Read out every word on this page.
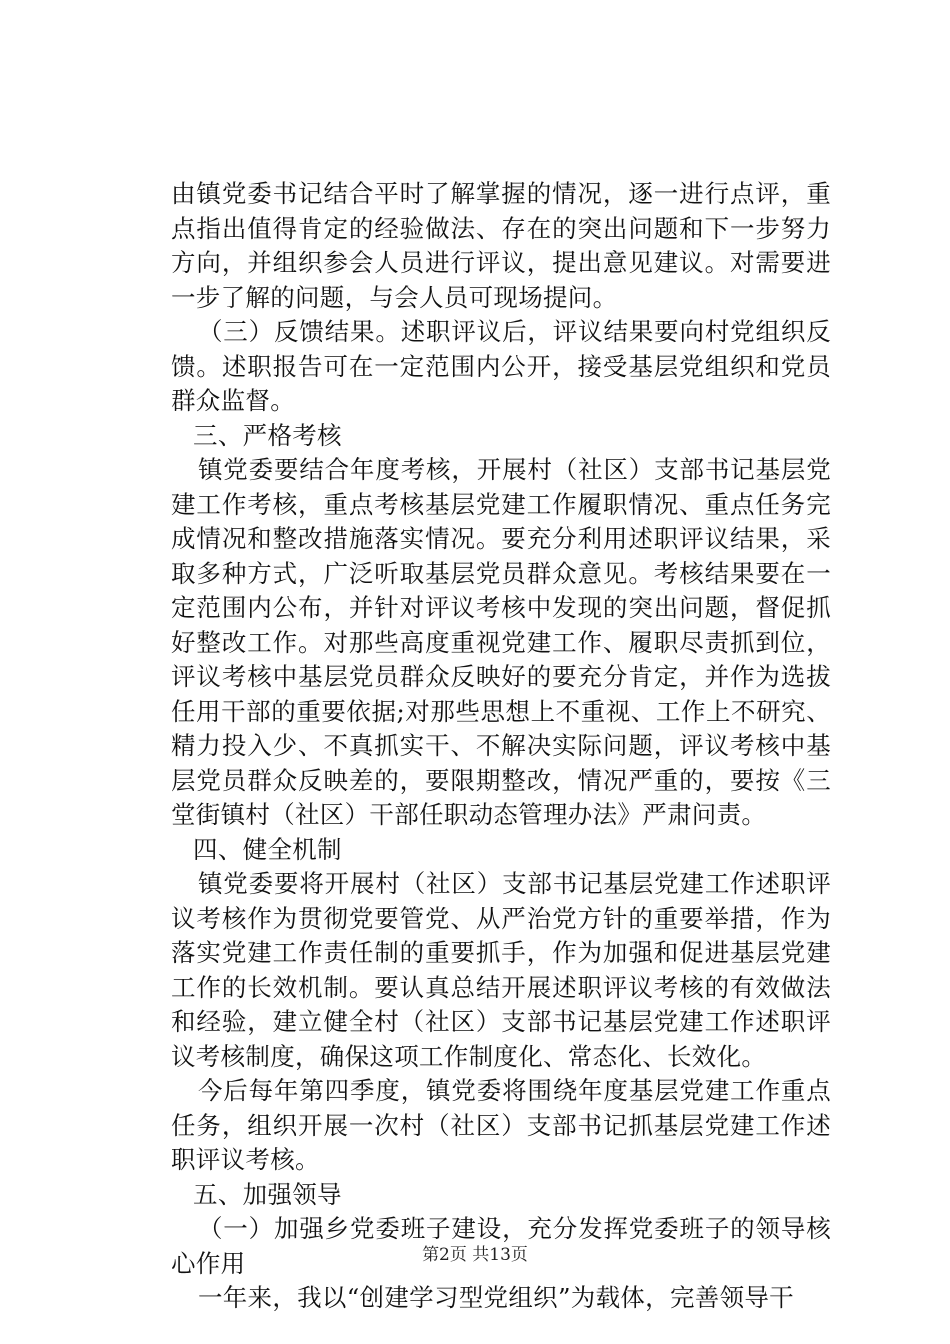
由镇党委书记结合平时了解掌握的情况，逐一进行点评，重点指出值得肯定的经验做法、存在的突出问题和下一步努力方向，并组织参会人员进行评议，提出意见建议。对需要进一步了解的问题，与会人员可现场提问。

（三）反馈结果。述职评议后，评议结果要向村党组织反馈。述职报告可在一定范围内公开，接受基层党组织和党员群众监督。

三、严格考核

镇党委要结合年度考核，开展村（社区）支部书记基层党建工作考核，重点考核基层党建工作履职情况、重点任务完成情况和整改措施落实情况。要充分利用述职评议结果，采取多种方式，广泛听取基层党员群众意见。考核结果要在一定范围内公布，并针对评议考核中发现的突出问题，督促抓好整改工作。对那些高度重视党建工作、履职尽责抓到位，评议考核中基层党员群众反映好的要充分肯定，并作为选拔任用干部的重要依据;对那些思想上不重视、工作上不研究、精力投入少、不真抓实干、不解决实际问题，评议考核中基层党员群众反映差的，要限期整改，情况严重的，要按《三堂街镇村（社区）干部任职动态管理办法》严肃问责。

四、健全机制

镇党委要将开展村（社区）支部书记基层党建工作述职评议考核作为贯彻党要管党、从严治党方针的重要举措，作为落实党建工作责任制的重要抓手，作为加强和促进基层党建工作的长效机制。要认真总结开展述职评议考核的有效做法和经验，建立健全村（社区）支部书记基层党建工作述职评议考核制度，确保这项工作制度化、常态化、长效化。

今后每年第四季度，镇党委将围绕年度基层党建工作重点任务，组织开展一次村（社区）支部书记抓基层党建工作述职评议考核。

五、加强领导

（一）加强乡党委班子建设，充分发挥党委班子的领导核心作用

一年来，我以“创建学习型党组织”为载体，完善领导干

第2页 共13页
